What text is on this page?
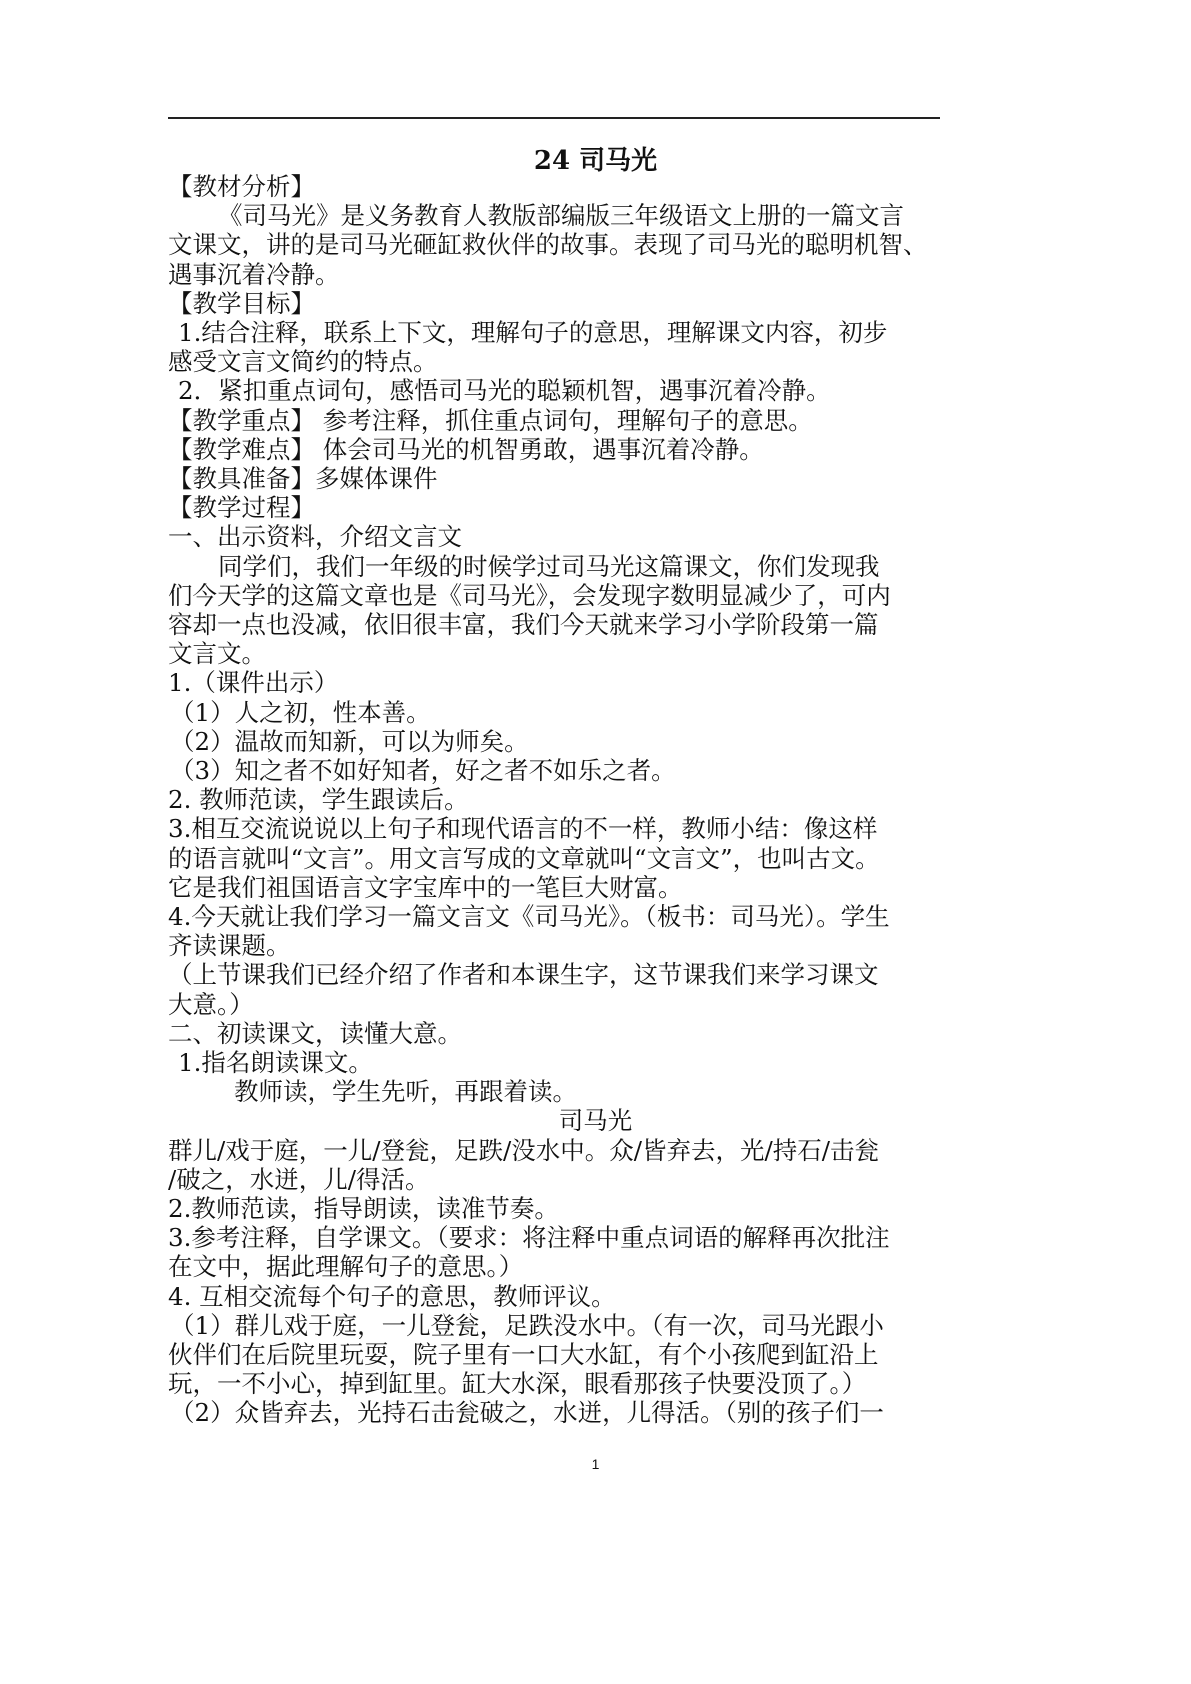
24 司马光
【教材分析】
《司马光》是义务教育人教版部编版三年级语文上册的一篇文言
文课文，讲的是司马光砸缸救伙伴的故事。表现了司马光的聪明机智、
遇事沉着冷静。
【教学目标】
1.结合注释，联系上下文，理解句子的意思，理解课文内容，初步
感受文言文简约的特点。
2．紧扣重点词句，感悟司马光的聪颖机智，遇事沉着冷静。
【教学重点】 参考注释，抓住重点词句，理解句子的意思。
【教学难点】 体会司马光的机智勇敢，遇事沉着冷静。
【教具准备】多媒体课件
【教学过程】
一、出示资料，介绍文言文
同学们，我们一年级的时候学过司马光这篇课文，你们发现我
们今天学的这篇文章也是《司马光》，会发现字数明显减少了，可内
容却一点也没减，依旧很丰富，我们今天就来学习小学阶段第一篇
文言文。
1.（课件出示）
（1）人之初，性本善。
（2）温故而知新，可以为师矣。
（3）知之者不如好知者，好之者不如乐之者。
2. 教师范读，学生跟读后。
3.相互交流说说以上句子和现代语言的不一样，教师小结：像这样
的语言就叫“文言”。用文言写成的文章就叫“文言文”，也叫古文。
它是我们祖国语言文字宝库中的一笔巨大财富。
4.今天就让我们学习一篇文言文《司马光》。（板书：司马光）。学生
齐读课题。
（上节课我们已经介绍了作者和本课生字，这节课我们来学习课文
大意。）
二、初读课文，读懂大意。
1.指名朗读课文。
教师读，学生先听，再跟着读。
司马光
群儿/戏于庭，一儿/登瓮，足跌/没水中。众/皆弃去，光/持石/击瓮
/破之，水迸，儿/得活。
2.教师范读，指导朗读，读准节奏。
3.参考注释，自学课文。（要求：将注释中重点词语的解释再次批注
在文中，据此理解句子的意思。）
4. 互相交流每个句子的意思，教师评议。
（1）群儿戏于庭，一儿登瓮，足跌没水中。（有一次，司马光跟小
伙伴们在后院里玩耍，院子里有一口大水缸，有个小孩爬到缸沿上
玩，一不小心，掉到缸里。缸大水深，眼看那孩子快要没顶了。）
（2）众皆弃去，光持石击瓮破之，水迸，儿得活。（别的孩子们一
1
